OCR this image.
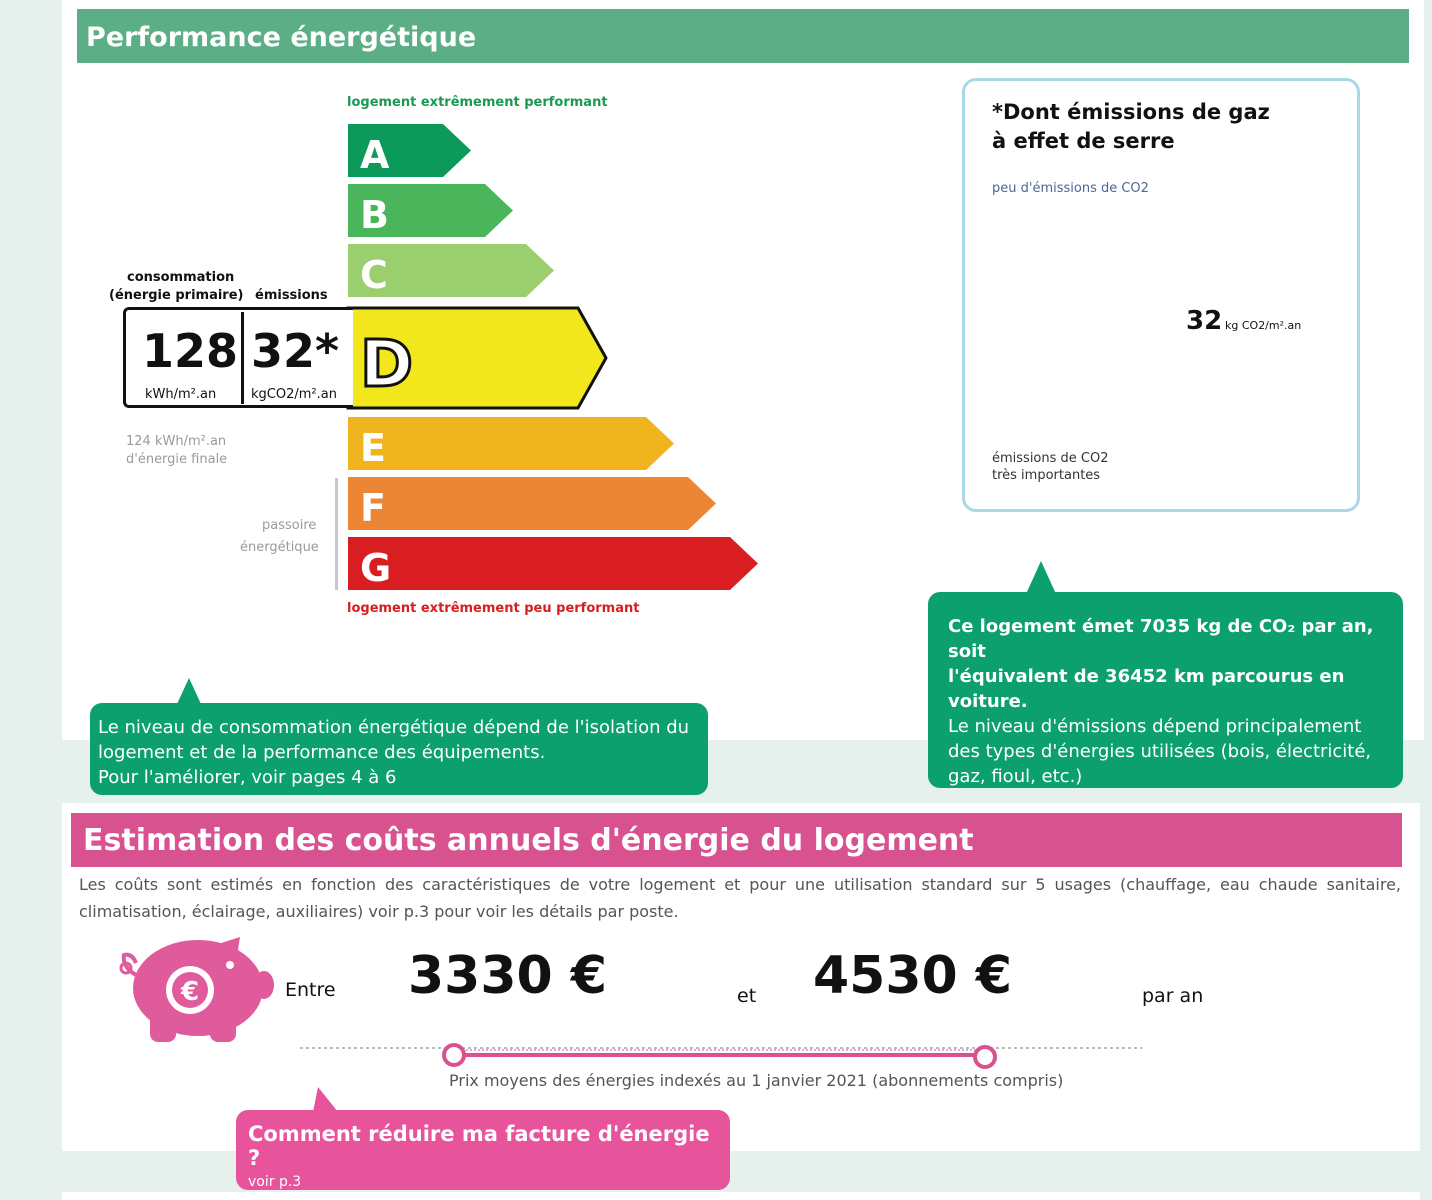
Performance énergétique
logement extrêmement performant
logement extrêmement peu performant
A
B
C
D
E
F
G
€
consommation
(énergie primaire) émissions
128 32*
kWh/m².an	kgCO2/m².an
124 kWh/m².an
d'énergie finale
passoire
énergétique
*Dont émissions de gaz
à effet de serre
peu d'émissions de CO2
émissions de CO2
très importantes
32 kg CO2/m².an
Le niveau de consommation énergétique dépend de l'isolation du
logement et de la performance des équipements.
Pour l'améliorer, voir pages 4 à 6
Ce logement émet 7035 kg de CO₂ par an, soit
l'équivalent de 36452 km parcourus en voiture.
Le niveau d'émissions dépend principalement des types d'énergies utilisées (bois, électricité, gaz, fioul, etc.)
Estimation des coûts annuels d'énergie du logement
Les coûts sont estimés en fonction des caractéristiques de votre logement et pour une utilisation standard sur 5 usages (chauffage, eau chaude sanitaire, climatisation, éclairage, auxiliaires) voir p.3 pour voir les détails par poste.
Entre 3330 €	et 4530 €	par an
Prix moyens des énergies indexés au 1 janvier 2021 (abonnements compris)
Comment réduire ma facture d'énergie ?
voir p.3
